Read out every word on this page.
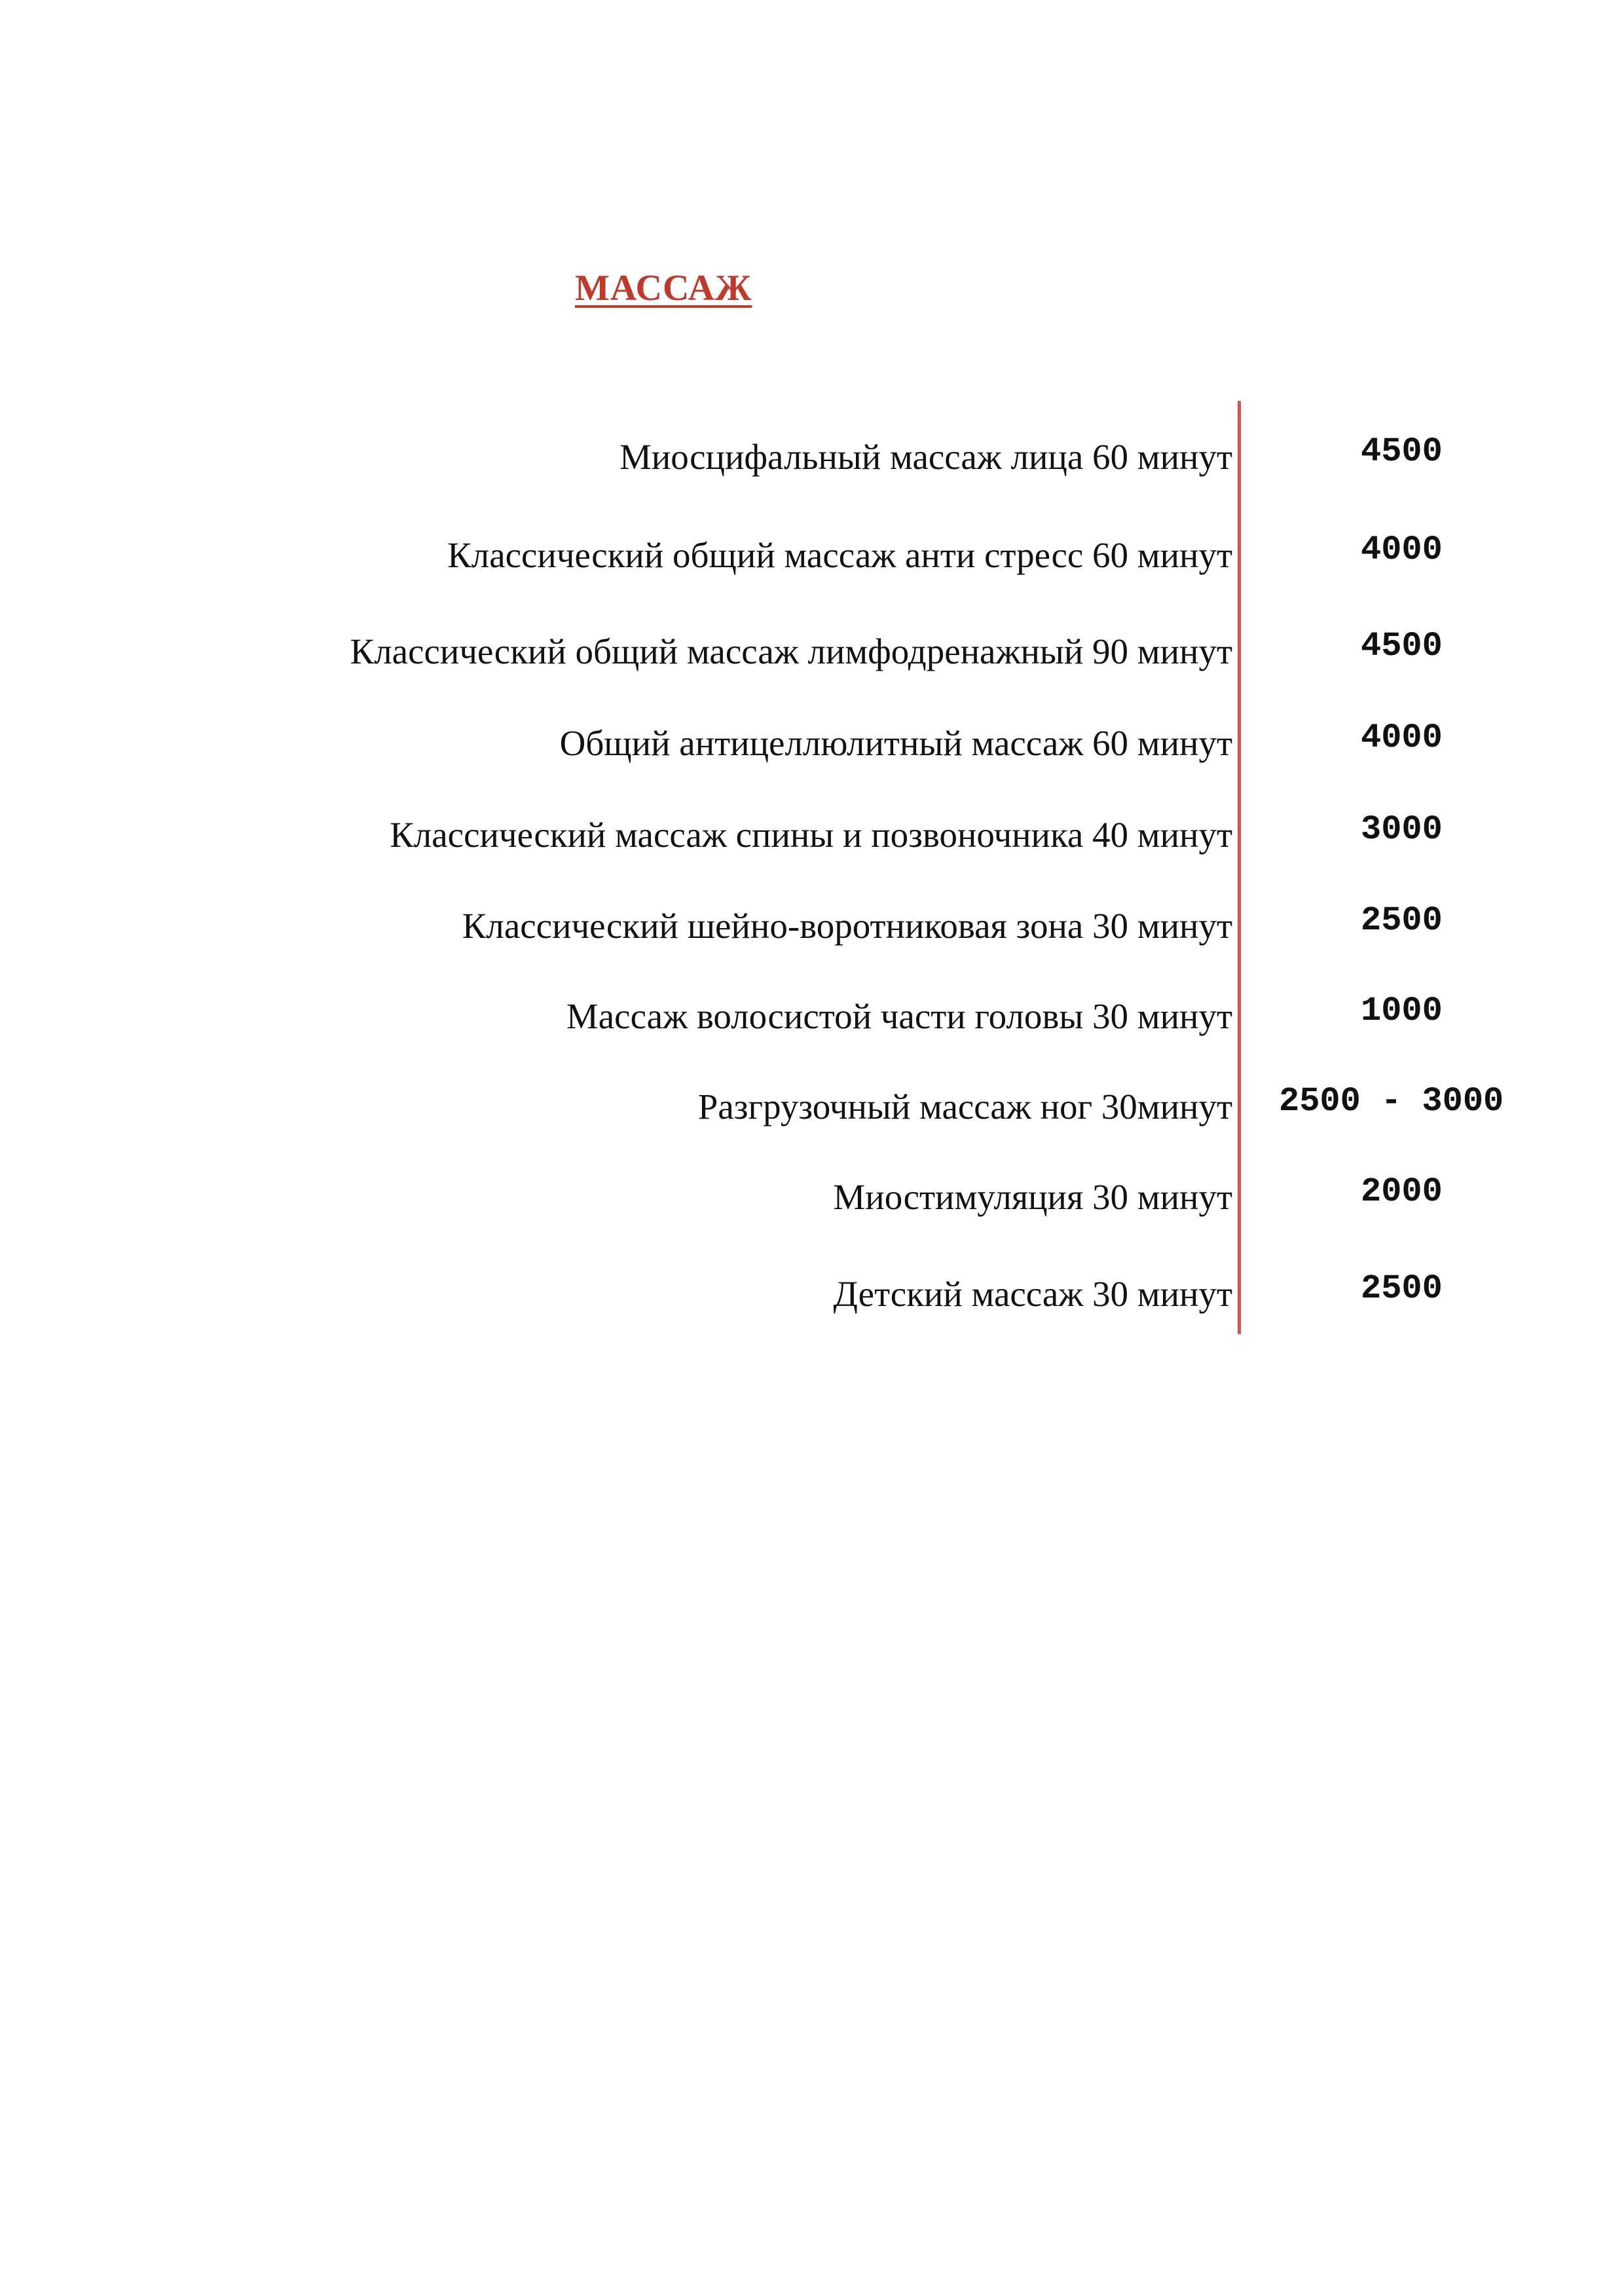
МАССАЖ
Миосцифальный массаж лица 60 минут	4500
Классический общий массаж анти стресс 60 минут	4000
Классический общий массаж лимфодренажный 90 минут	4500
Общий антицеллюлитный массаж 60 минут	4000
Классический массаж спины и позвоночника 40 минут	3000
Классический шейно-воротниковая зона 30 минут	2500
Массаж волосистой части головы 30 минут	1000
Разгрузочный массаж ног 30минут 2500 - 3000
Миостимуляция 30 минут	2000
Детский массаж 30 минут	2500
